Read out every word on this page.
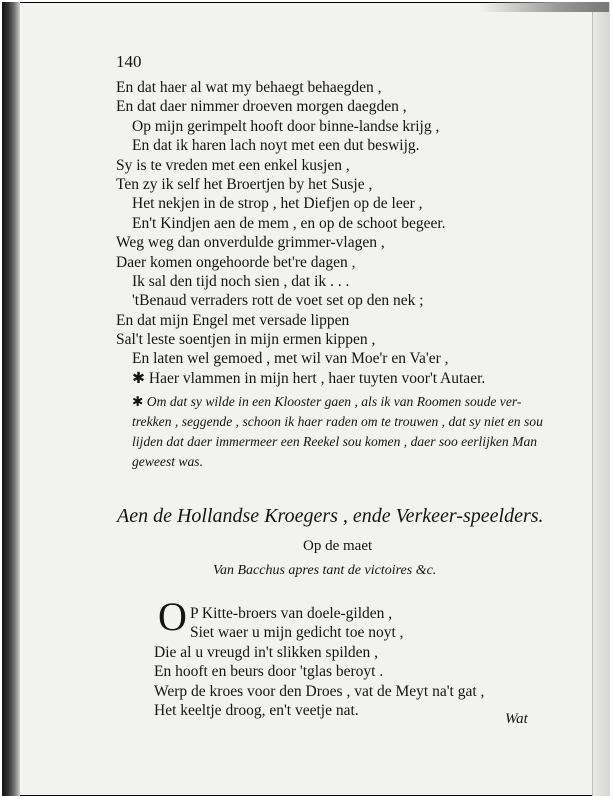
140
En dat haer al wat my behaegt behaegden ,
En dat daer nimmer droeven morgen daegden ,
Op mijn gerimpelt hooft door binne-landse krijg ,
En dat ik haren lach noyt met een dut beswijg.
Sy is te vreden met een enkel kusjen ,
Ten zy ik self het Broertjen by het Susje ,
Het nekjen in de strop , het Diefjen op de leer ,
En't Kindjen aen de mem , en op de schoot begeer.
Weg weg dan onverdulde grimmer-vlagen ,
Daer komen ongehoorde bet're dagen ,
Ik sal den tijd noch sien , dat ik . . .
'tBenaud verraders rott de voet set op den nek ;
En dat mijn Engel met versade lippen
Sal't leste soentjen in mijn ermen kippen ,
En laten wel gemoed , met wil van Moe'r en Va'er ,
✱ Haer vlammen in mijn hert , haer tuyten voor't Autaer.
✱ Om dat sy wilde in een Klooster gaen , als ik van Roomen soude ver-
trekken , seggende , schoon ik haer raden om te trouwen , dat sy niet en sou
lijden dat daer immermeer een Reekel sou komen , daer soo eerlijken Man
geweest was.
Aen de Hollandse Kroegers , ende Verkeer-speelders.
Op de maet
Van Bacchus apres tant de victoires &c.
O P Kitte-broers van doele-gilden ,
Siet waer u mijn gedicht toe noyt ,
Die al u vreugd in't slikken spilden ,
En hooft en beurs door 'tglas beroyt .
Werp de kroes voor den Droes , vat de Meyt na't gat ,
Het keeltje droog, en't veetje nat.
Wat
